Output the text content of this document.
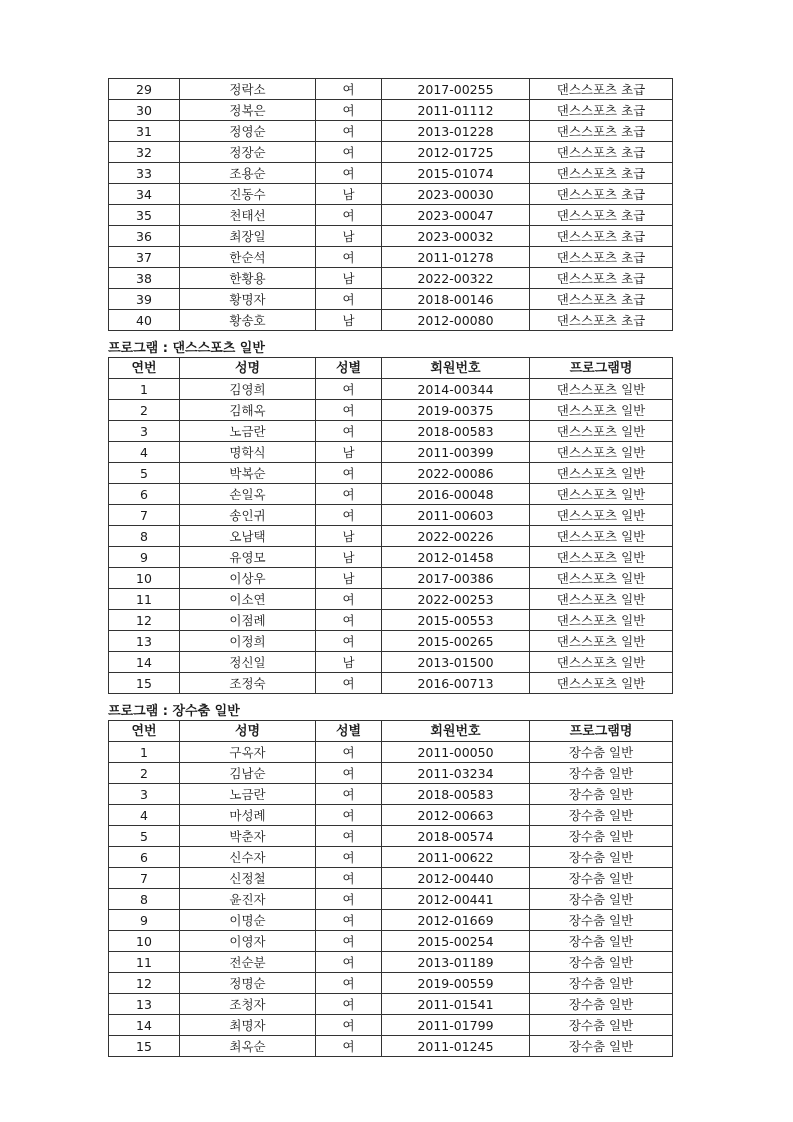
29	정락소	여	2017-00255	댄스스포츠 초급
30	정복은	여	2011-01112	댄스스포츠 초급
31	정영순	여	2013-01228	댄스스포츠 초급
32	정장순	여	2012-01725	댄스스포츠 초급
33	조용순	여	2015-01074	댄스스포츠 초급
34	진동수	남	2023-00030	댄스스포츠 초급
35	천태선	여	2023-00047	댄스스포츠 초급
36	최장일	남	2023-00032	댄스스포츠 초급
37	한순석	여	2011-01278	댄스스포츠 초급
38	한황용	남	2022-00322	댄스스포츠 초급
39	황명자	여	2018-00146	댄스스포츠 초급
40	황송호	남	2012-00080	댄스스포츠 초급
프로그램 : 댄스스포츠 일반
연번	성명	성별	회원번호	프로그램명
1	김영희	여	2014-00344	댄스스포츠 일반
2	김해옥	여	2019-00375	댄스스포츠 일반
3	노금란	여	2018-00583	댄스스포츠 일반
4	명학식	남	2011-00399	댄스스포츠 일반
5	박복순	여	2022-00086	댄스스포츠 일반
6	손일옥	여	2016-00048	댄스스포츠 일반
7	송인귀	여	2011-00603	댄스스포츠 일반
8	오남택	남	2022-00226	댄스스포츠 일반
9	유영모	남	2012-01458	댄스스포츠 일반
10	이상우	남	2017-00386	댄스스포츠 일반
11	이소연	여	2022-00253	댄스스포츠 일반
12	이점례	여	2015-00553	댄스스포츠 일반
13	이정희	여	2015-00265	댄스스포츠 일반
14	정신일	남	2013-01500	댄스스포츠 일반
15	조정숙	여	2016-00713	댄스스포츠 일반
프로그램 : 장수춤 일반
연번	성명	성별	회원번호	프로그램명
1	구옥자	여	2011-00050	장수춤 일반
2	김남순	여	2011-03234	장수춤 일반
3	노금란	여	2018-00583	장수춤 일반
4	마성례	여	2012-00663	장수춤 일반
5	박춘자	여	2018-00574	장수춤 일반
6	신수자	여	2011-00622	장수춤 일반
7	신정철	여	2012-00440	장수춤 일반
8	윤진자	여	2012-00441	장수춤 일반
9	이명순	여	2012-01669	장수춤 일반
10	이영자	여	2015-00254	장수춤 일반
11	전순분	여	2013-01189	장수춤 일반
12	정명순	여	2019-00559	장수춤 일반
13	조청자	여	2011-01541	장수춤 일반
14	최명자	여	2011-01799	장수춤 일반
15	최옥순	여	2011-01245	장수춤 일반
